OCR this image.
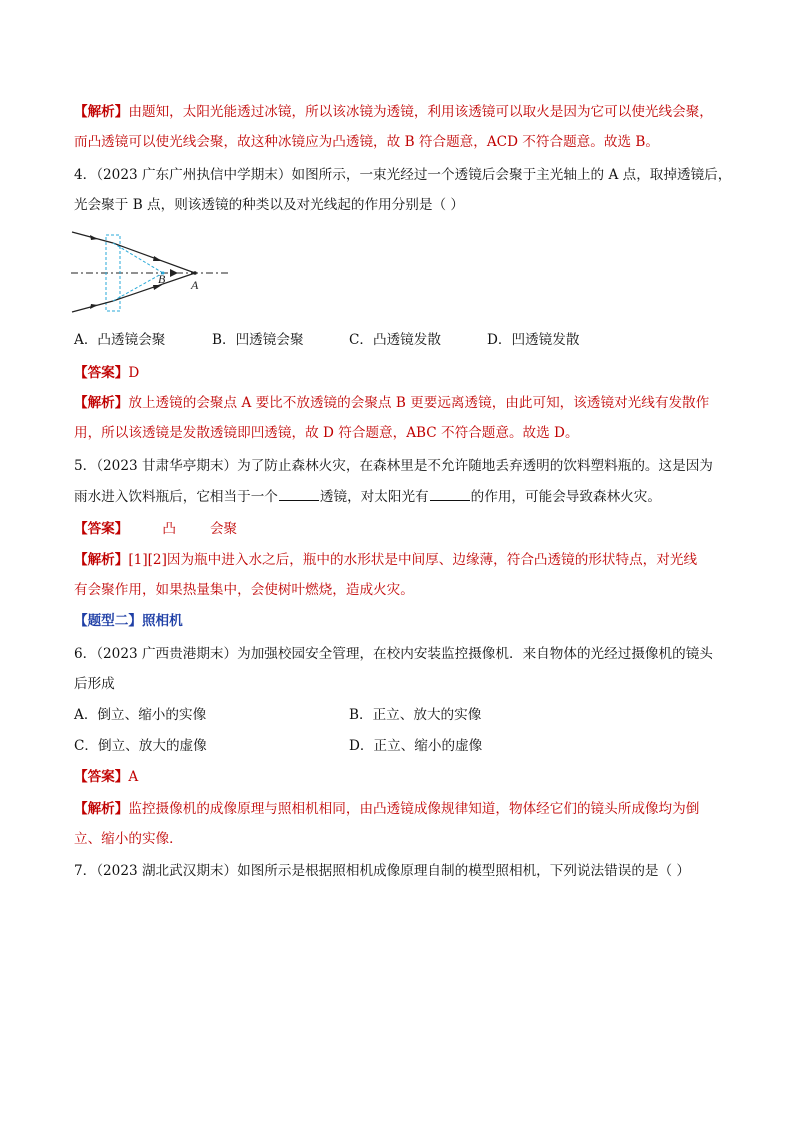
【解析】由题知，太阳光能透过冰镜，所以该冰镜为透镜，利用该透镜可以取火是因为它可以使光线会聚，
而凸透镜可以使光线会聚，故这种冰镜应为凸透镜，故 B 符合题意，ACD 不符合题意。故选 B。
4．（2023 广东广州执信中学期末）如图所示，一束光经过一个透镜后会聚于主光轴上的 A 点，取掉透镜后，
光会聚于 B 点，则该透镜的种类以及对光线起的作用分别是（ ）
A
B
A．凸透镜会聚	B．凹透镜会聚	C．凸透镜发散	D．凹透镜发散
【答案】D
【解析】放上透镜的会聚点 A 要比不放透镜的会聚点 B 更要远离透镜，由此可知，该透镜对光线有发散作
用，所以该透镜是发散透镜即凹透镜，故 D 符合题意，ABC 不符合题意。故选 D。
5．（2023 甘肃华亭期末）为了防止森林火灾，在森林里是不允许随地丢弃透明的饮料塑料瓶的。这是因为
雨水进入饮料瓶后，它相当于一个	透镜，对太阳光有	的作用，可能会导致森林火灾。
【答案】	凸	会聚
【解析】[1][2]因为瓶中进入水之后，瓶中的水形状是中间厚、边缘薄，符合凸透镜的形状特点，对光线
有会聚作用，如果热量集中，会使树叶燃烧，造成火灾。
【题型二】照相机
6．（2023 广西贵港期末）为加强校园安全管理，在校内安装监控摄像机．来自物体的光经过摄像机的镜头
后形成
A．倒立、缩小的实像	B．正立、放大的实像
C．倒立、放大的虚像	D．正立、缩小的虚像
【答案】A
【解析】监控摄像机的成像原理与照相机相同，由凸透镜成像规律知道，物体经它们的镜头所成像均为倒
立、缩小的实像．
7．（2023 湖北武汉期末）如图所示是根据照相机成像原理自制的模型照相机，下列说法错误的是（ ）
